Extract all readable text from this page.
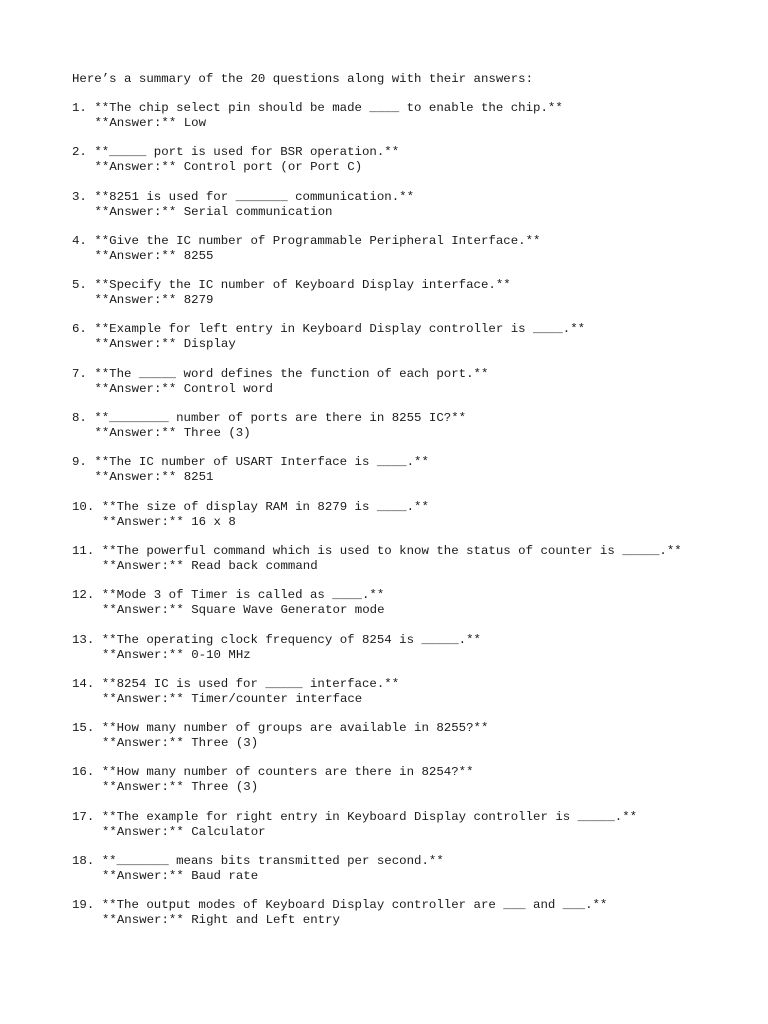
Here’s a summary of the 20 questions along with their answers:
1. **The chip select pin should be made ____ to enable the chip.**
**Answer:** Low
2. **_____ port is used for BSR operation.**
**Answer:** Control port (or Port C)
3. **8251 is used for _______ communication.**
**Answer:** Serial communication
4. **Give the IC number of Programmable Peripheral Interface.**
**Answer:** 8255
5. **Specify the IC number of Keyboard Display interface.**
**Answer:** 8279
6. **Example for left entry in Keyboard Display controller is ____.**
**Answer:** Display
7. **The _____ word defines the function of each port.**
**Answer:** Control word
8. **________ number of ports are there in 8255 IC?**
**Answer:** Three (3)
9. **The IC number of USART Interface is ____.**
**Answer:** 8251
10. **The size of display RAM in 8279 is ____.**
**Answer:** 16 x 8
11. **The powerful command which is used to know the status of counter is _____.**
**Answer:** Read back command
12. **Mode 3 of Timer is called as ____.**
**Answer:** Square Wave Generator mode
13. **The operating clock frequency of 8254 is _____.**
**Answer:** 0-10 MHz
14. **8254 IC is used for _____ interface.**
**Answer:** Timer/counter interface
15. **How many number of groups are available in 8255?**
**Answer:** Three (3)
16. **How many number of counters are there in 8254?**
**Answer:** Three (3)
17. **The example for right entry in Keyboard Display controller is _____.**
**Answer:** Calculator
18. **_______ means bits transmitted per second.**
**Answer:** Baud rate
19. **The output modes of Keyboard Display controller are ___ and ___.**
**Answer:** Right and Left entry
